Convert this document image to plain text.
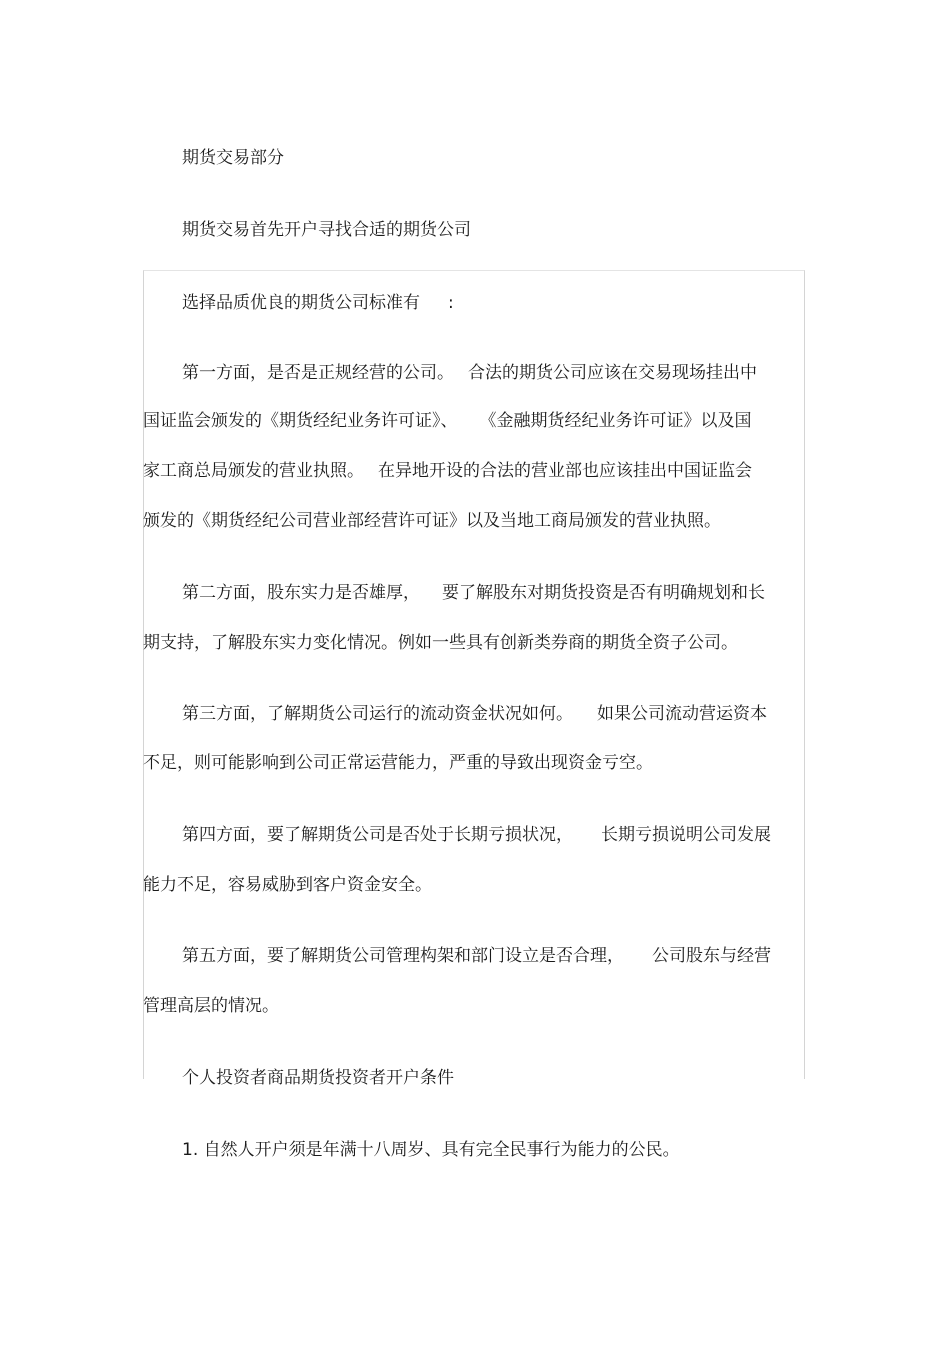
期货交易部分
期货交易首先开户寻找合适的期货公司
选择品质优良的期货公司标准有 :
第一方面，是否是正规经营的公司。 合法的期货公司应该在交易现场挂出中
国证监会颁发的《期货经纪业务许可证》、 《金融期货经纪业务许可证》以及国
家工商总局颁发的营业执照。 在异地开设的合法的营业部也应该挂出中国证监会
颁发的《期货经纪公司营业部经营许可证》以及当地工商局颁发的营业执照。
第二方面，股东实力是否雄厚， 要了解股东对期货投资是否有明确规划和长
期支持，了解股东实力变化情况。例如一些具有创新类券商的期货全资子公司。
第三方面，了解期货公司运行的流动资金状况如何。 如果公司流动营运资本
不足，则可能影响到公司正常运营能力，严重的导致出现资金亏空。
第四方面，要了解期货公司是否处于长期亏损状况， 长期亏损说明公司发展
能力不足，容易威胁到客户资金安全。
第五方面，要了解期货公司管理构架和部门设立是否合理， 公司股东与经营
管理高层的情况。
个人投资者商品期货投资者开户条件
1. 自然人开户须是年满十八周岁、具有完全民事行为能力的公民。
